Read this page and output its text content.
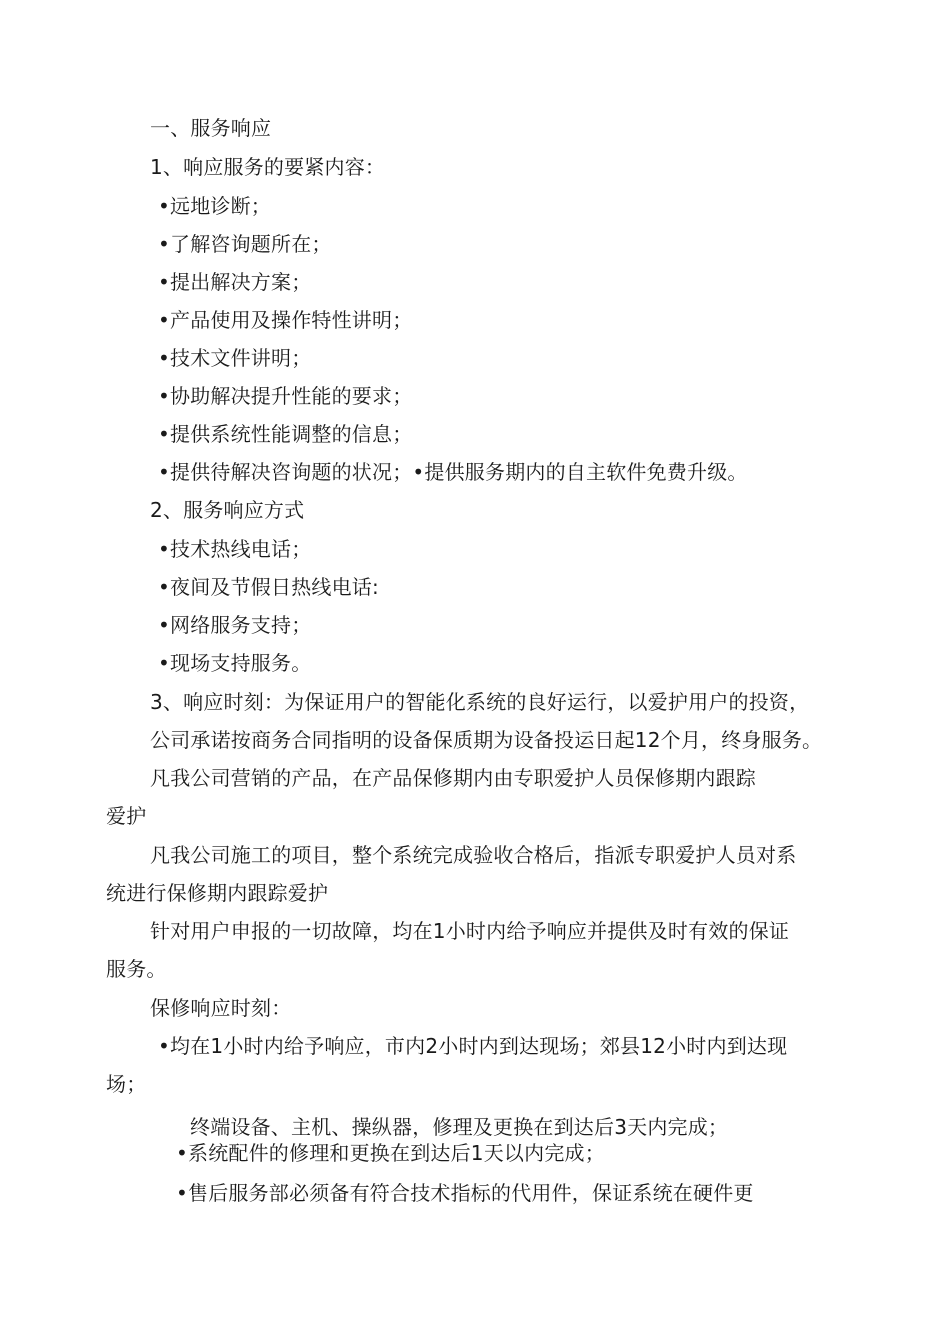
一、服务响应
1、响应服务的要紧内容：
•远地诊断；
•了解咨询题所在；
•提出解决方案；
•产品使用及操作特性讲明；
•技术文件讲明；
•协助解决提升性能的要求；
•提供系统性能调整的信息；
•提供待解决咨询题的状况；•提供服务期内的自主软件免费升级。
2、服务响应方式
•技术热线电话；
•夜间及节假日热线电话:
•网络服务支持；
•现场支持服务。
3、响应时刻：为保证用户的智能化系统的良好运行，以爱护用户的投资，
公司承诺按商务合同指明的设备保质期为设备投运日起12个月，终身服务。
凡我公司营销的产品，在产品保修期内由专职爱护人员保修期内跟踪
爱护
凡我公司施工的项目，整个系统完成验收合格后，指派专职爱护人员对系
统进行保修期内跟踪爱护
针对用户申报的一切故障，均在1小时内给予响应并提供及时有效的保证
服务。
保修响应时刻：
•均在1小时内给予响应，市内2小时内到达现场；郊县12小时内到达现
场；
终端设备、主机、操纵器，修理及更换在到达后3天内完成；
•系统配件的修理和更换在到达后1天以内完成；
•售后服务部必须备有符合技术指标的代用件，保证系统在硬件更
